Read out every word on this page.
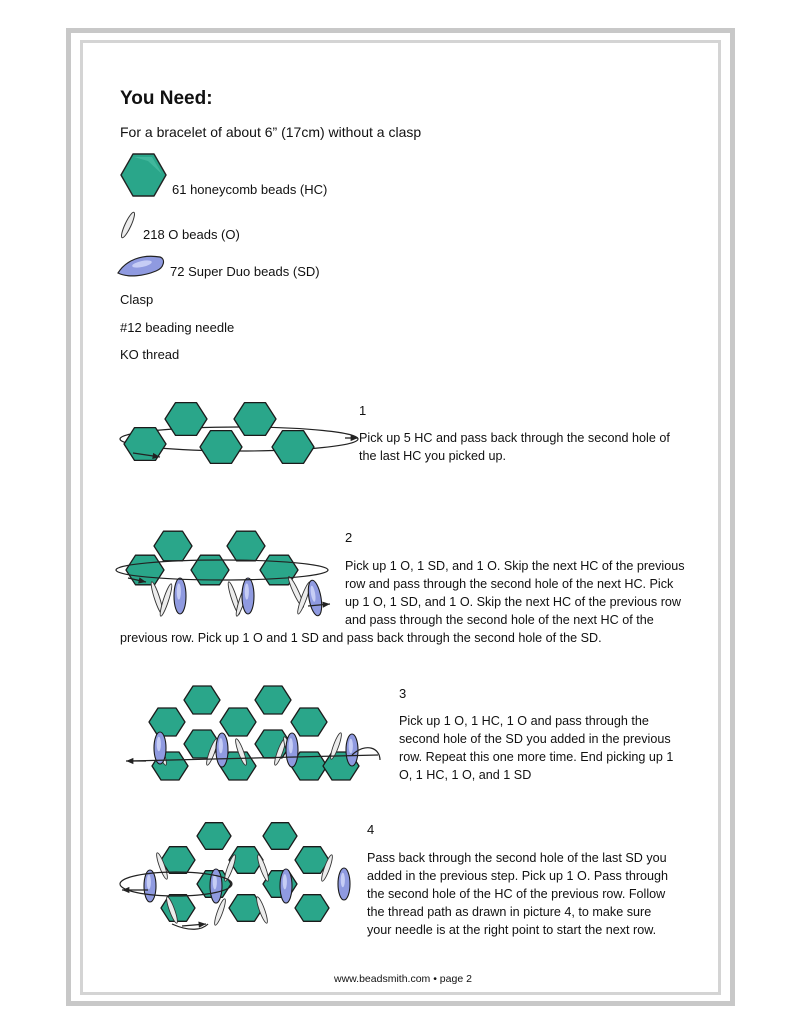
You Need:
For a bracelet of about 6” (17cm) without a clasp
61 honeycomb beads (HC)
218 O beads (O)
72 Super Duo beads (SD)
Clasp
#12 beading needle
KO thread
1
Pick up 5 HC and pass back through the second hole of
the last HC you picked up.
2
Pick up 1 O, 1 SD, and 1 O. Skip the next HC of the previous
row and pass through the second hole of the next HC. Pick
up 1 O, 1 SD, and 1 O. Skip the next HC of the previous row
and pass through the second hole of the next HC of the
previous row. Pick up 1 O and 1 SD and pass back through the second hole of the SD.
3
Pick up 1 O, 1 HC, 1 O and pass through the
second hole of the SD you added in the previous
row. Repeat this one more time. End picking up 1
O, 1 HC, 1 O, and 1 SD
4
Pass back through the second hole of the last SD you
added in the previous step. Pick up 1 O. Pass through
the second hole of the HC of the previous row. Follow
the thread path as drawn in picture 4, to make sure
your needle is at the right point to start the next row.
www.beadsmith.com • page 2
